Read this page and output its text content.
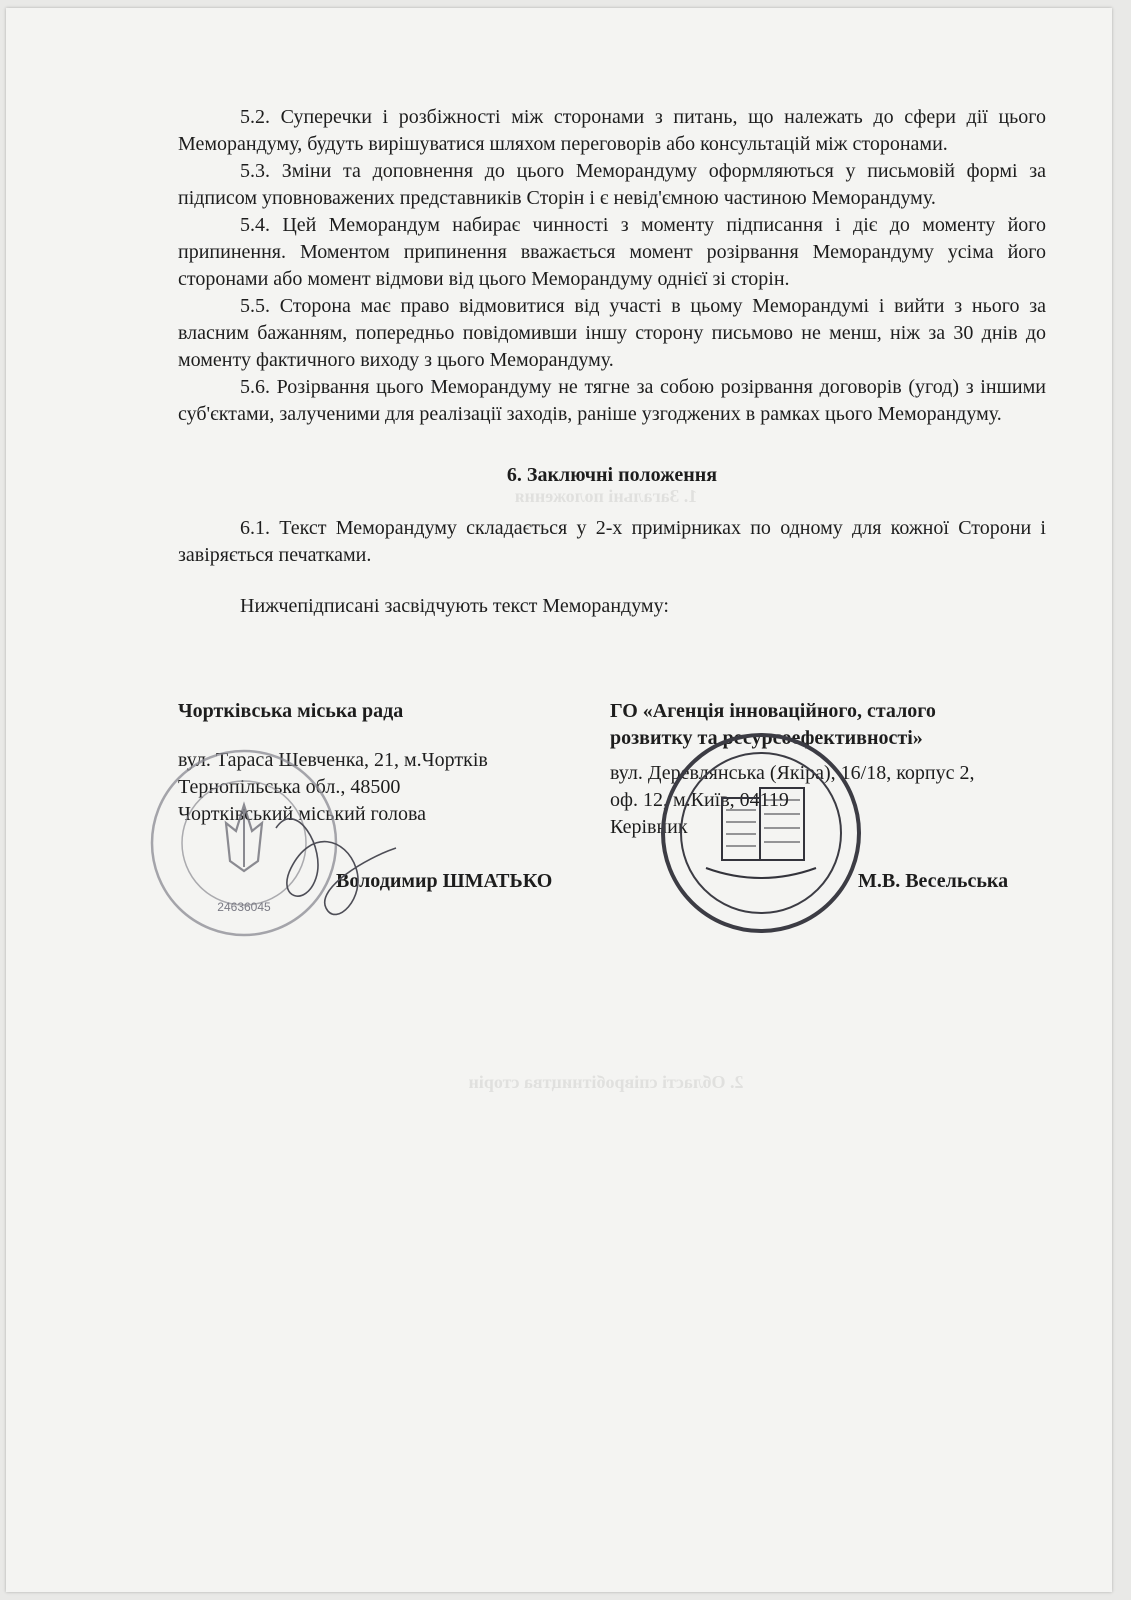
1. Загальні положення
2. Області співробітництва сторін

5.2. Суперечки і розбіжності між сторонами з питань, що належать до сфери дії цього Меморандуму, будуть вирішуватися шляхом переговорів або консультацій між сторонами.

5.3. Зміни та доповнення до цього Меморандуму оформляються у письмовій формі за підписом уповноважених представників Сторін і є невід'ємною частиною Меморандуму.

5.4. Цей Меморандум набирає чинності з моменту підписання і діє до моменту його припинення. Моментом припинення вважається момент розірвання Меморандуму усіма його сторонами або момент відмови від цього Меморандуму однієї зі сторін.

5.5. Сторона має право відмовитися від участі в цьому Меморандумі і вийти з нього за власним бажанням, попередньо повідомивши іншу сторону письмово не менш, ніж за 30 днів до моменту фактичного виходу з цього Меморандуму.

5.6. Розірвання цього Меморандуму не тягне за собою розірвання договорів (угод) з іншими суб'єктами, залученими для реалізації заходів, раніше узгоджених в рамках цього Меморандуму.

6. Заключні положення

6.1. Текст Меморандуму складається у 2-х примірниках по одному для кожної Сторони і завіряється печатками.

Нижчепідписані засвідчують текст Меморандуму:

Чортківська міська рада

вул. Тараса Шевченка, 21, м.Чортків

Тернопільська обл., 48500

Чортківський міський голова

ГО «Агенція інноваційного, сталого

розвитку та ресурсоефективності»

вул. Деревлянська (Якіра), 16/18, корпус 2,

оф. 12, м.Київ, 04119

Керівник

Володимир ШМАТЬКО	М.В. Весельська
24636045
